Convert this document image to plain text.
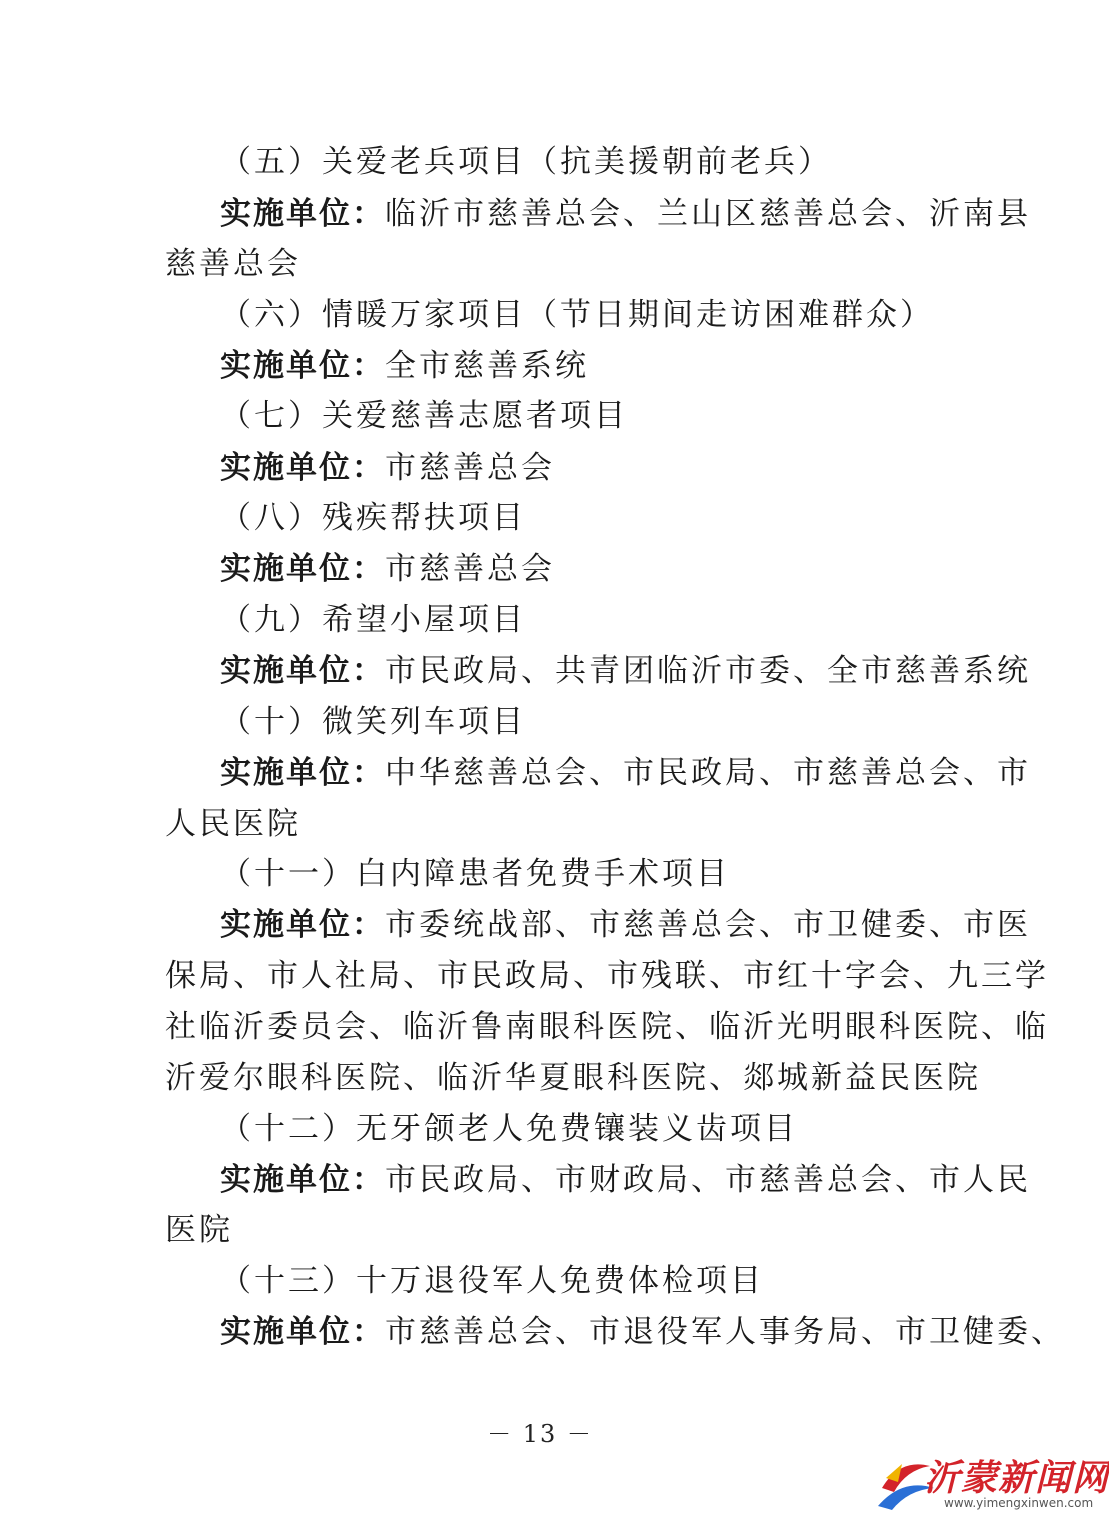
（五）关爱老兵项目（抗美援朝前老兵）
实施单位：临沂市慈善总会、兰山区慈善总会、沂南县
慈善总会
（六）情暖万家项目（节日期间走访困难群众）
实施单位：全市慈善系统
（七）关爱慈善志愿者项目
实施单位：市慈善总会
（八）残疾帮扶项目
实施单位：市慈善总会
（九）希望小屋项目
实施单位：市民政局、共青团临沂市委、全市慈善系统
（十）微笑列车项目
实施单位：中华慈善总会、市民政局、市慈善总会、市
人民医院
（十一）白内障患者免费手术项目
实施单位：市委统战部、市慈善总会、市卫健委、市医
保局、市人社局、市民政局、市残联、市红十字会、九三学
社临沂委员会、临沂鲁南眼科医院、临沂光明眼科医院、临
沂爱尔眼科医院、临沂华夏眼科医院、郯城新益民医院
（十二）无牙颌老人免费镶装义齿项目
实施单位：市民政局、市财政局、市慈善总会、市人民
医院
（十三）十万退役军人免费体检项目
实施单位：市慈善总会、市退役军人事务局、市卫健委、
－ 13 －
沂蒙新闻网
www.yimengxinwen.com
